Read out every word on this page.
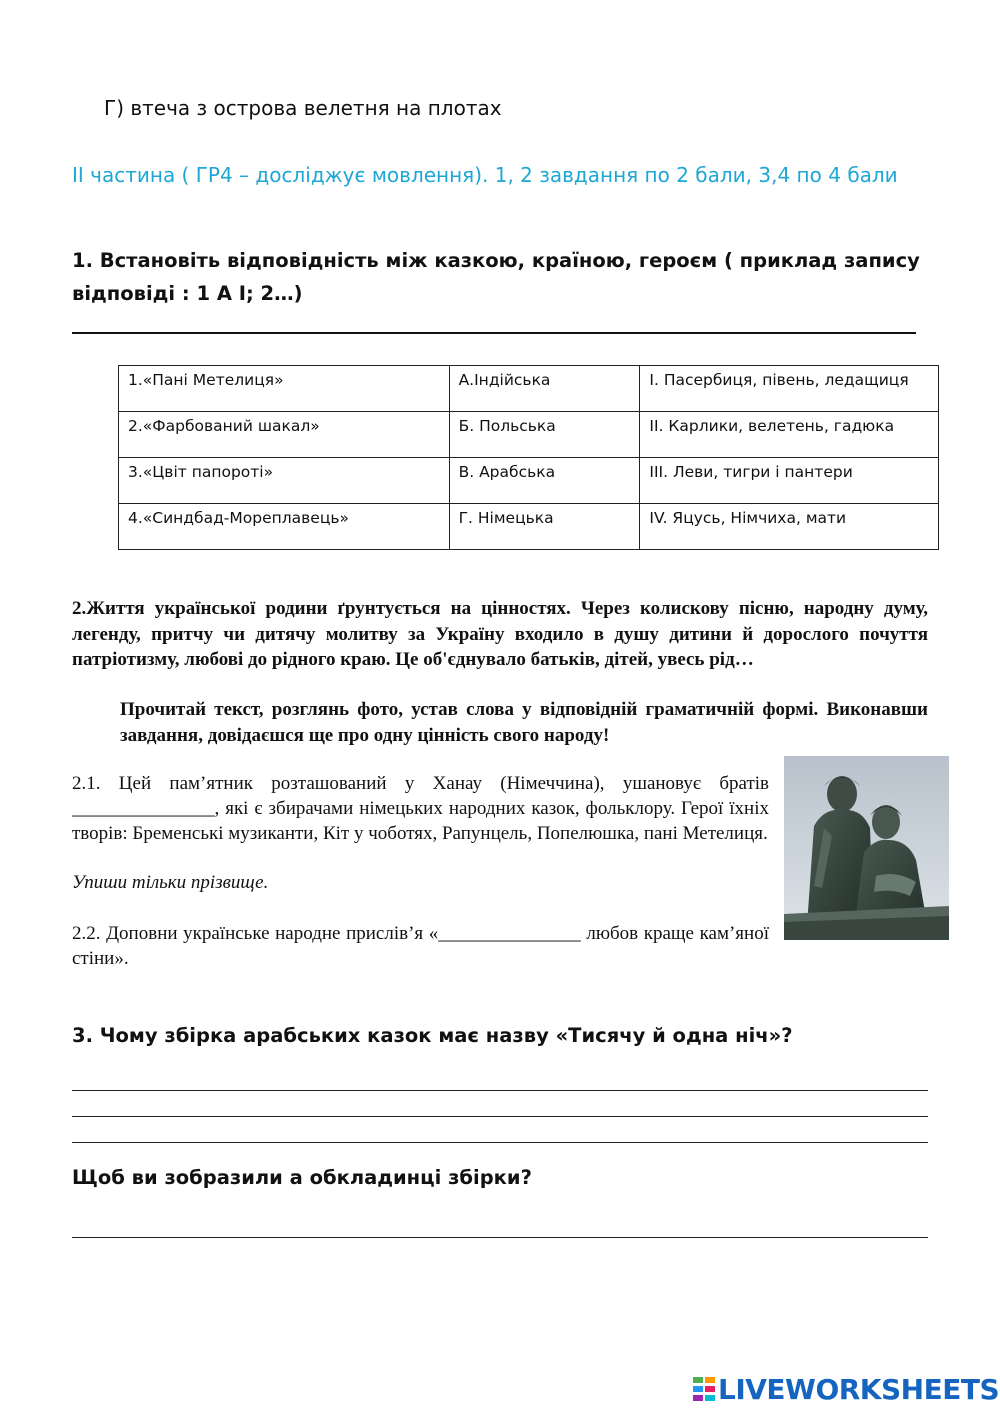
Г) втеча з острова велетня на плотах
ІІ частина ( ГР4 – досліджує мовлення). 1, 2 завдання по 2 бали, 3,4 по 4 бали
1. Встановіть відповідність між казкою, країною, героєм ( приклад запису відповіді : 1 А І; 2…)
1.«Пані Метелиця»	А.Індійська	І. Пасербиця, півень, ледащиця
2.«Фарбований шакал»	Б. Польська	ІІ. Карлики, велетень, гадюка
3.«Цвіт папороті»	В. Арабська	ІІІ. Леви, тигри і пантери
4.«Синдбад-Мореплавець»	Г. Німецька	ІV. Яцусь, Німчиха, мати
2.Життя української родини ґрунтується на цінностях. Через колискову пісню, народну думу, легенду, притчу чи дитячу молитву за Україну входило в душу дитини й дорослого почуття патріотизму, любові до рідного краю. Це об'єднувало батьків, дітей, увесь рід…
Прочитай текст, розглянь фото, устав слова у відповідній граматичній формі. Виконавши завдання, довідаєшся ще про одну цінність свого народу!
2.1. Цей пам’ятник розташований у Ханау (Німеччина), ушановує братів _______________, які є збирачами німецьких народних казок, фольклору. Герої їхніх творів: Бременські музиканти, Кіт у чоботях, Рапунцель, Попелюшка, пані Метелиця.
Упиши тільки прізвище.
2.2. Доповни українське народне прислів’я «_______________ любов краще кам’яної стіни».
3. Чому збірка арабських казок має назву «Тисячу й одна ніч»?
Щоб ви зобразили а обкладинці збірки?
LIVEWORKSHEETS
